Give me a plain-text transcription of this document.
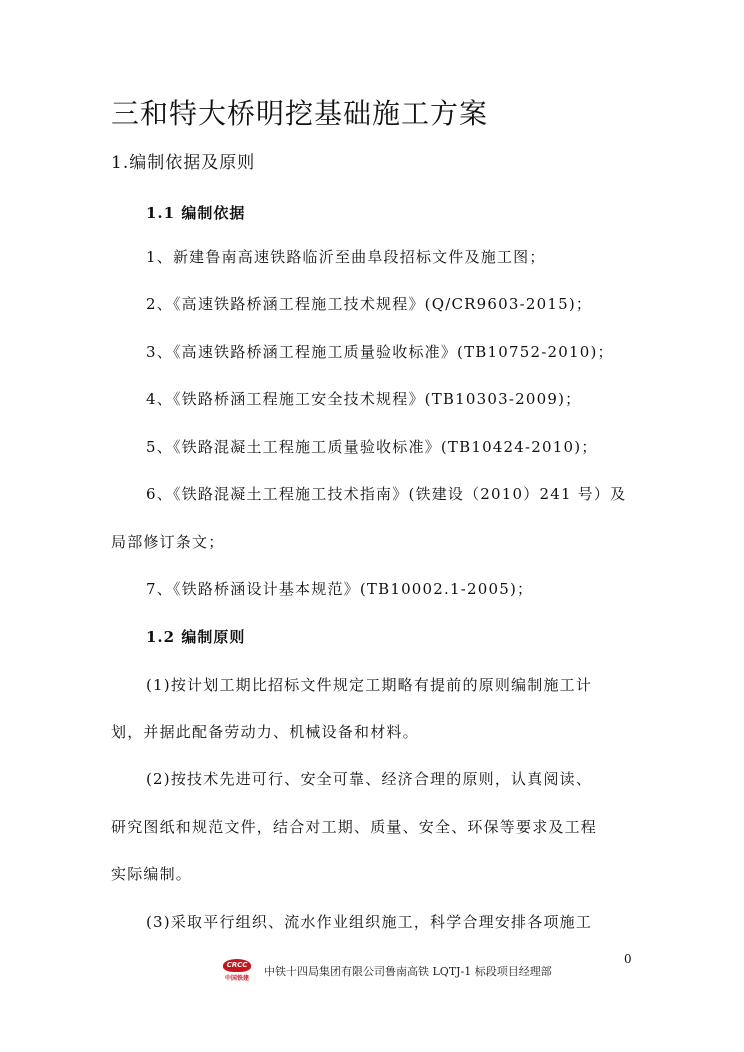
三和特大桥明挖基础施工方案
1.编制依据及原则
1.1 编制依据
1、新建鲁南高速铁路临沂至曲阜段招标文件及施工图；
2、《高速铁路桥涵工程施工技术规程》(Q/CR9603-2015)；
3、《高速铁路桥涵工程施工质量验收标准》(TB10752-2010)；
4、《铁路桥涵工程施工安全技术规程》(TB10303-2009)；
5、《铁路混凝土工程施工质量验收标准》(TB10424-2010)；
6、《铁路混凝土工程施工技术指南》(铁建设（2010）241 号）及
局部修订条文；
7、《铁路桥涵设计基本规范》(TB10002.1-2005)；
1.2 编制原则
(1)按计划工期比招标文件规定工期略有提前的原则编制施工计
划，并据此配备劳动力、机械设备和材料。
(2)按技术先进可行、安全可靠、经济合理的原则，认真阅读、
研究图纸和规范文件，结合对工期、质量、安全、环保等要求及工程
实际编制。
(3)采取平行组织、流水作业组织施工，科学合理安排各项施工
CRCC
中国铁建
中铁十四局集团有限公司鲁南高铁 LQTJ-1 标段项目经理部
0
